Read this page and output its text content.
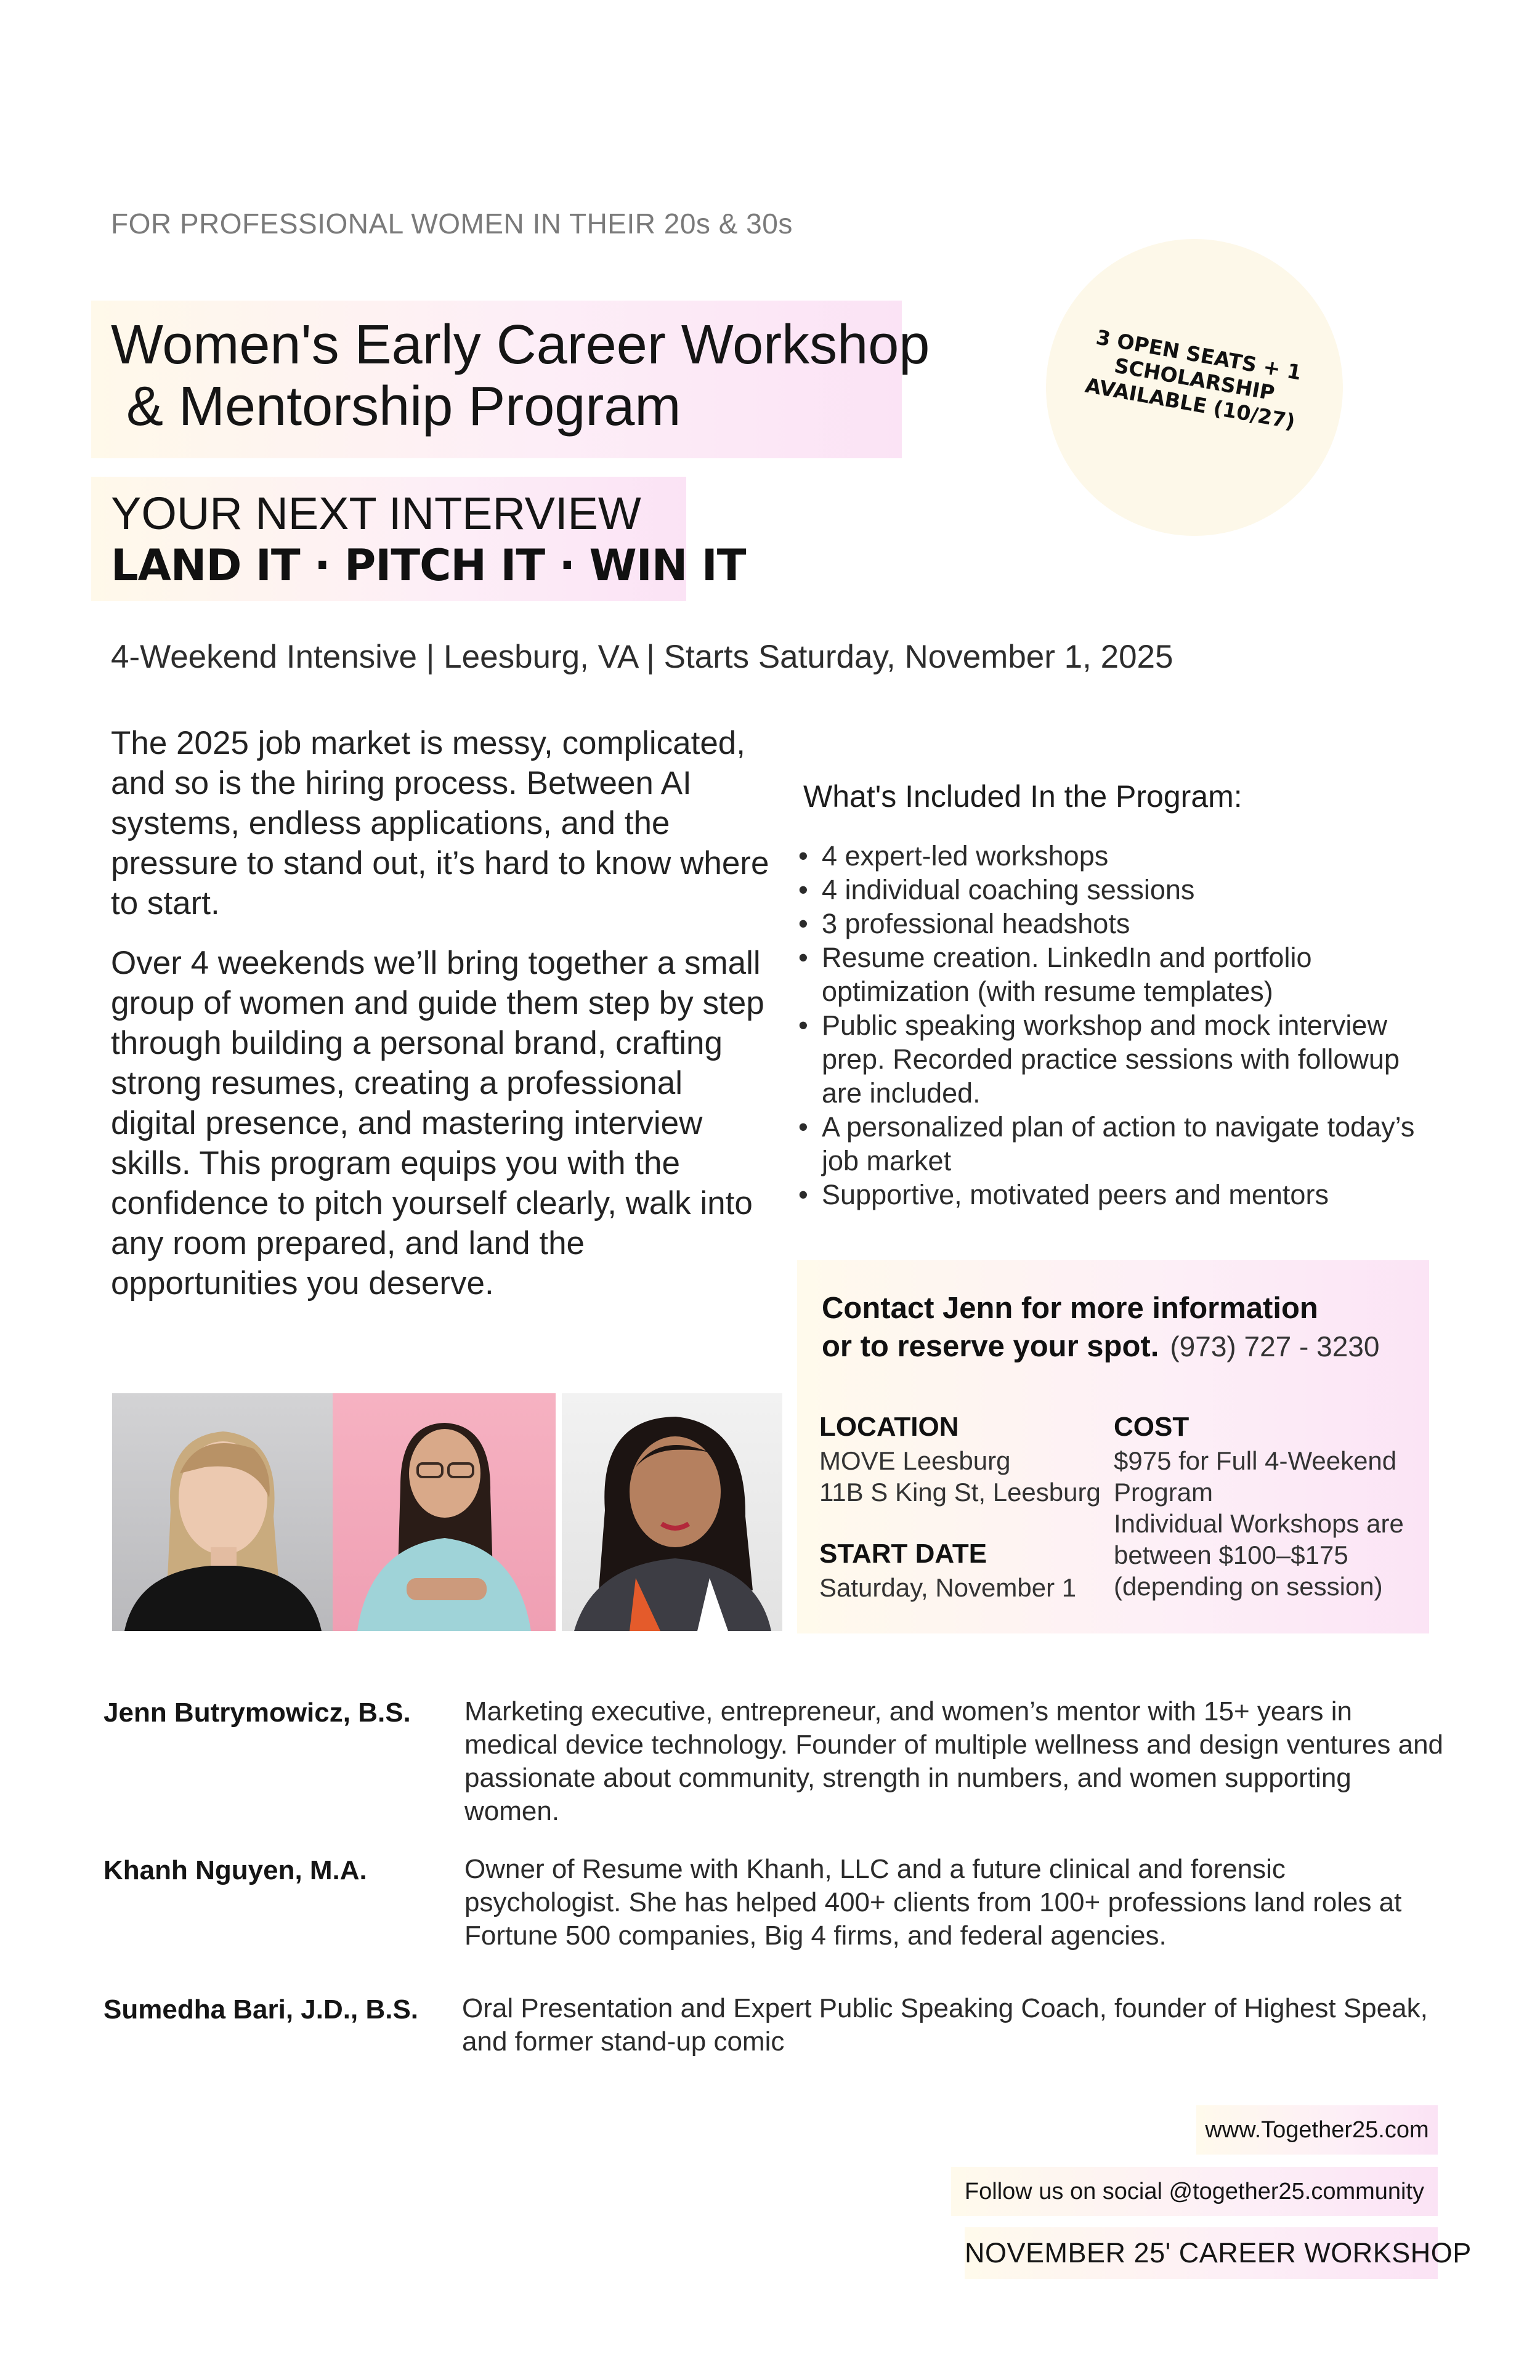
FOR PROFESSIONAL WOMEN IN THEIR 20s & 30s
Women's Early Career Workshop
& Mentorship Program
3 OPEN SEATS + 1
SCHOLARSHIP
AVAILABLE (10/27)
YOUR NEXT INTERVIEW
LAND IT · PITCH IT · WIN IT
4-Weekend Intensive | Leesburg, VA | Starts Saturday, November 1, 2025

The 2025 job market is messy, complicated, and so is the hiring process. Between AI systems, endless applications, and the pressure to stand out, it’s hard to know where to start.

Over 4 weekends we’ll bring together a small group of women and guide them step by step through building a personal brand, crafting strong resumes, creating a professional digital presence, and mastering interview skills. This program equips you with the confidence to pitch yourself clearly, walk into any room prepared, and land the opportunities you deserve.

What's Included In the Program:
• 4 expert-led workshops
• 4 individual coaching sessions
• 3 professional headshots
• Resume creation. LinkedIn and portfolio optimization (with resume templates)
• Public speaking workshop and mock interview prep. Recorded practice sessions with followup are included.
• A personalized plan of action to navigate today’s job market
• Supportive, motivated peers and mentors
Contact Jenn for more information
or to reserve your spot. (973) 727 - 3230
LOCATION
MOVE Leesburg
11B S King St, Leesburg
START DATE
Saturday, November 1
COST
$975 for Full 4-Weekend Program
Individual Workshops are between $100–$175 (depending on session)
Jenn Butrymowicz, B.S. Marketing executive, entrepreneur, and women’s mentor with 15+ years in medical device technology. Founder of multiple wellness and design ventures and passionate about community, strength in numbers, and women supporting women.
Khanh Nguyen, M.A.	Owner of Resume with Khanh, LLC and a future clinical and forensic psychologist. She has helped 400+ clients from 100+ professions land roles at Fortune 500 companies, Big 4 firms, and federal agencies.
Sumedha Bari, J.D., B.S. Oral Presentation and Expert Public Speaking Coach, founder of Highest Speak, and former stand-up comic
www.Together25.com
Follow us on social @together25.community
NOVEMBER 25' CAREER WORKSHOP
